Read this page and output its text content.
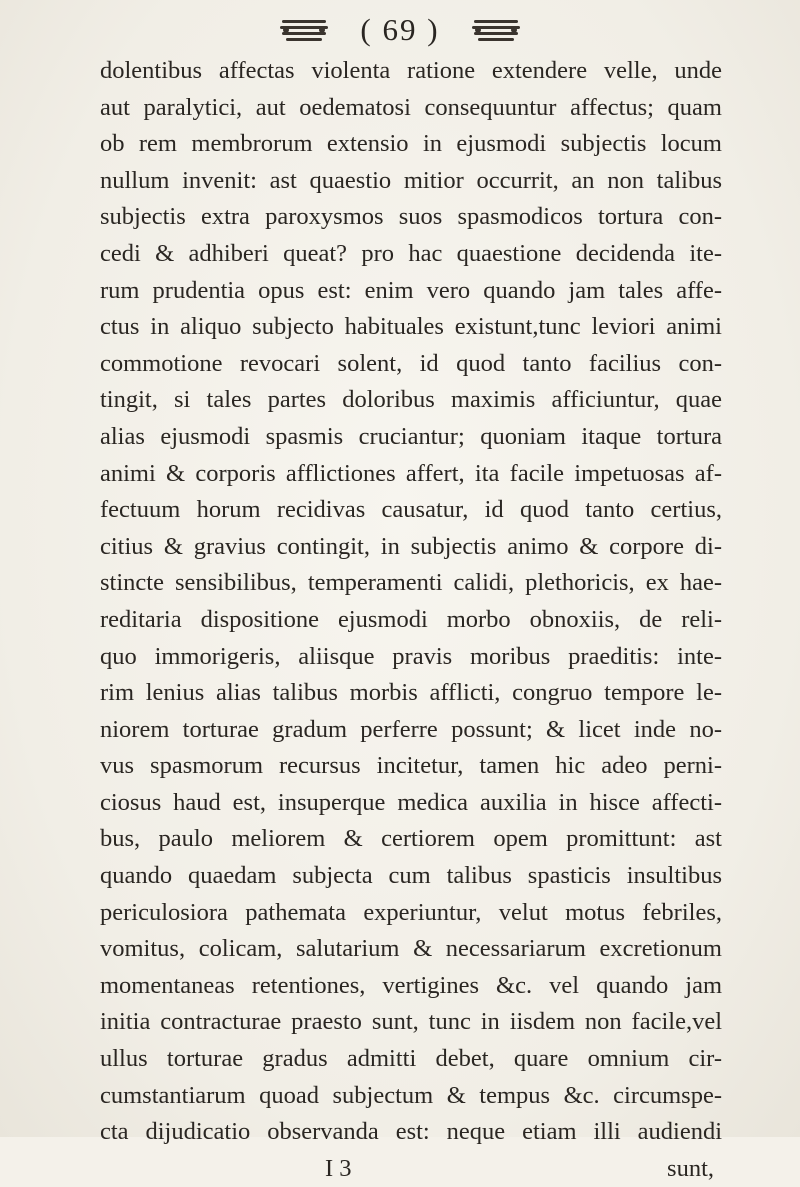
( 69 )
dolentibus affectas violenta ratione extendere velle, unde
aut paralytici, aut oedematosi consequuntur affectus; quam
ob rem membrorum extensio in ejusmodi subjectis locum
nullum invenit: ast quaestio mitior occurrit, an non talibus
subjectis extra paroxysmos suos spasmodicos tortura con-
cedi & adhiberi queat? pro hac quaestione decidenda ite-
rum prudentia opus est: enim vero quando jam tales affe-
ctus in aliquo subjecto habituales existunt,tunc leviori animi
commotione revocari solent, id quod tanto facilius con-
tingit, si tales partes doloribus maximis afficiuntur, quae
alias ejusmodi spasmis cruciantur; quoniam itaque tortura
animi & corporis afflictiones affert, ita facile impetuosas af-
fectuum horum recidivas causatur, id quod tanto certius,
citius & gravius contingit, in subjectis animo & corpore di-
stincte sensibilibus, temperamenti calidi, plethoricis, ex hae-
reditaria dispositione ejusmodi morbo obnoxiis, de reli-
quo immorigeris, aliisque pravis moribus praeditis: inte-
rim lenius alias talibus morbis afflicti, congruo tempore le-
niorem torturae gradum perferre possunt; & licet inde no-
vus spasmorum recursus incitetur, tamen hic adeo perni-
ciosus haud est, insuperque medica auxilia in hisce affecti-
bus, paulo meliorem & certiorem opem promittunt: ast
quando quaedam subjecta cum talibus spasticis insultibus
periculosiora pathemata experiuntur, velut motus febriles,
vomitus, colicam, salutarium & necessariarum excretionum
momentaneas retentiones, vertigines &c. vel quando jam
initia contracturae praesto sunt, tunc in iisdem non facile,vel
ullus torturae gradus admitti debet, quare omnium cir-
cumstantiarum quoad subjectum & tempus &c. circumspe-
cta dijudicatio observanda est: neque etiam illi audiendi
I 3	sunt,
